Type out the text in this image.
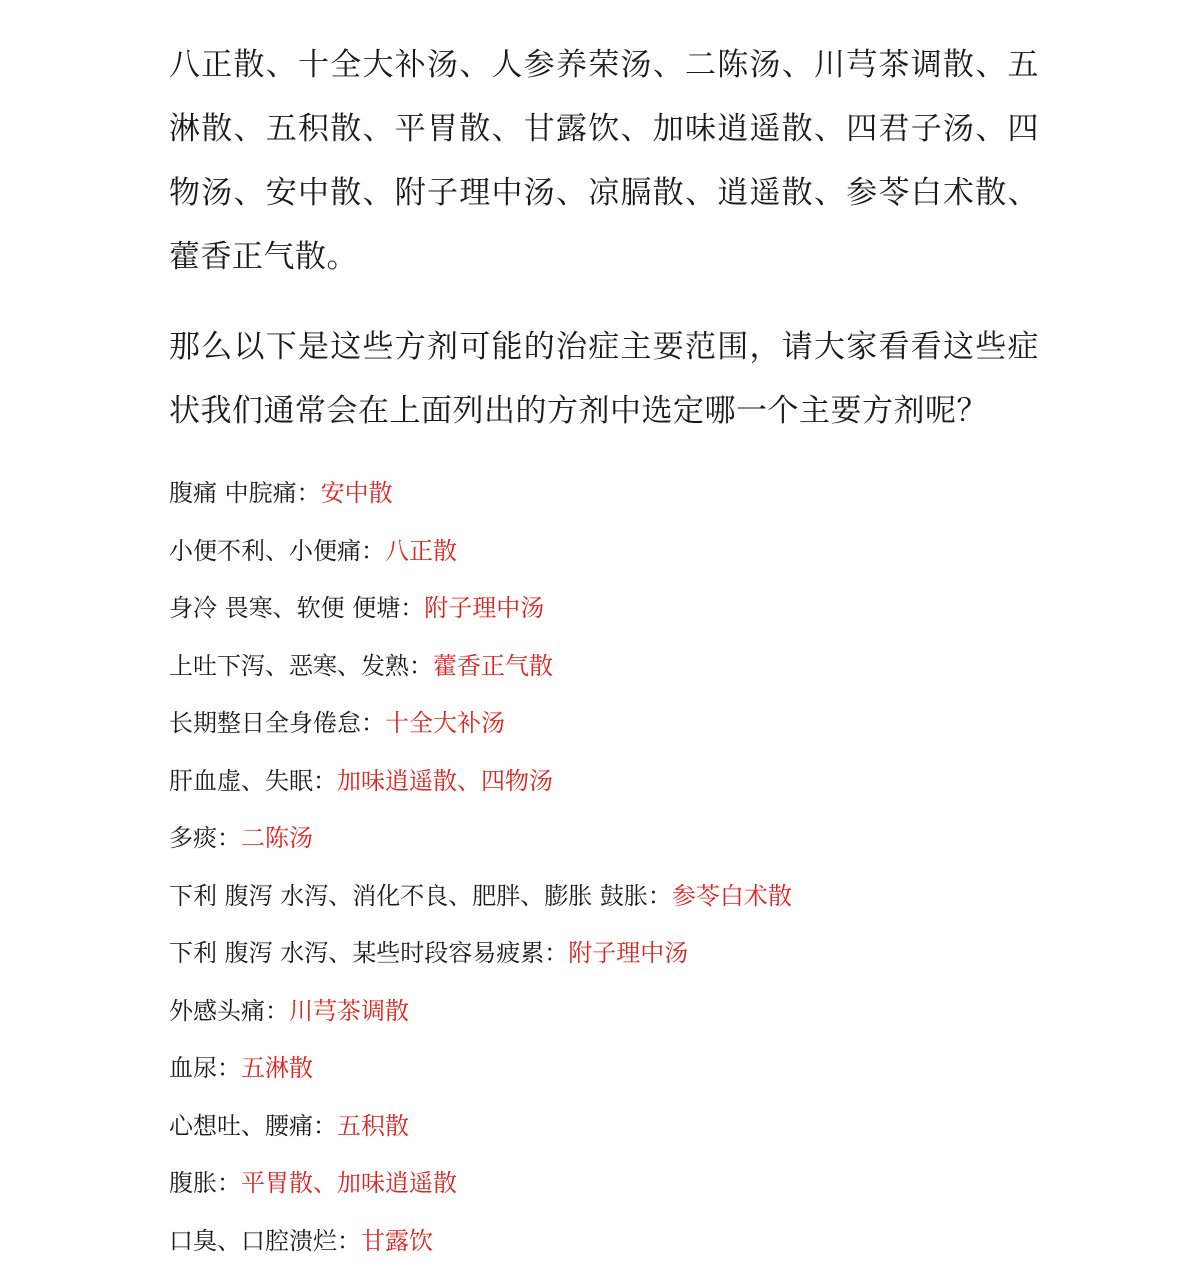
八正散、十全大补汤、人参养荣汤、二陈汤、川芎茶调散、五淋散、五积散、平胃散、甘露饮、加味逍遥散、四君子汤、四物汤、安中散、附子理中汤、凉膈散、逍遥散、参苓白术散、藿香正气散。

那么以下是这些方剂可能的治症主要范围，请大家看看这些症状我们通常会在上面列出的方剂中选定哪一个主要方剂呢？

腹痛 中脘痛：安中散
小便不利、小便痛：八正散
身冷 畏寒、软便 便塘：附子理中汤
上吐下泻、恶寒、发熟：藿香正气散
长期整日全身倦怠：十全大补汤
肝血虚、失眠：加味逍遥散、四物汤
多痰：二陈汤
下利 腹泻 水泻、消化不良、肥胖、膨胀 鼓胀：参苓白术散
下利 腹泻 水泻、某些时段容易疲累：附子理中汤
外感头痛：川芎茶调散
血尿：五淋散
心想吐、腰痛：五积散
腹胀：平胃散、加味逍遥散
口臭、口腔溃烂：甘露饮
